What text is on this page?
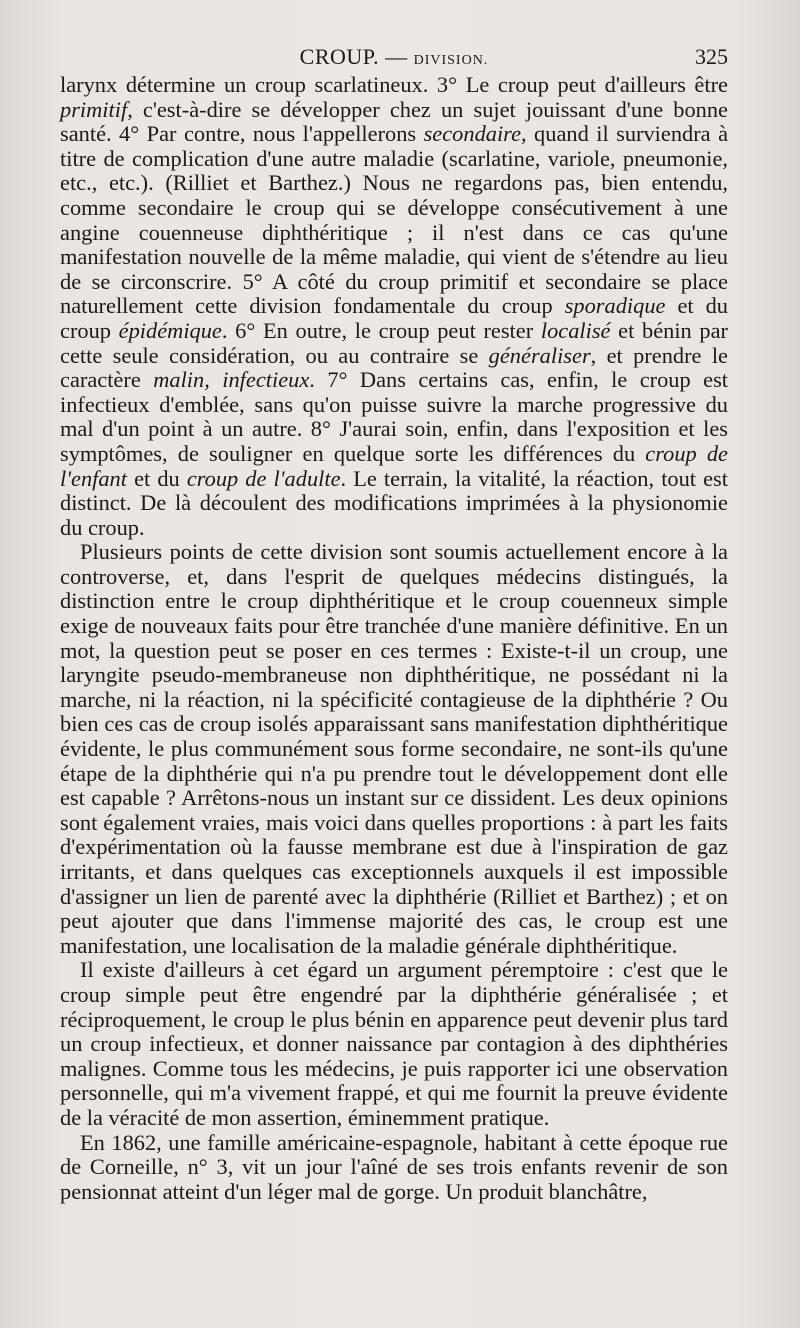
CROUP. — DIVISION.	325

larynx détermine un croup scarlatineux. 3° Le croup peut d'ailleurs être primitif, c'est-à-dire se développer chez un sujet jouissant d'une bonne santé. 4° Par contre, nous l'appellerons secondaire, quand il surviendra à titre de complication d'une autre maladie (scarlatine, variole, pneumonie, etc., etc.). (Rilliet et Barthez.) Nous ne regardons pas, bien entendu, comme secondaire le croup qui se développe consécutivement à une angine couenneuse diphthéritique ; il n'est dans ce cas qu'une manifestation nouvelle de la même maladie, qui vient de s'étendre au lieu de se circonscrire. 5° A côté du croup primitif et secondaire se place naturellement cette division fondamentale du croup sporadique et du croup épidémique. 6° En outre, le croup peut rester localisé et bénin par cette seule considération, ou au contraire se généraliser, et prendre le caractère malin, infectieux. 7° Dans certains cas, enfin, le croup est infectieux d'emblée, sans qu'on puisse suivre la marche progressive du mal d'un point à un autre. 8° J'aurai soin, enfin, dans l'exposition et les symptômes, de souligner en quelque sorte les différences du croup de l'enfant et du croup de l'adulte. Le terrain, la vitalité, la réaction, tout est distinct. De là découlent des modifications imprimées à la physionomie du croup.

Plusieurs points de cette division sont soumis actuellement encore à la controverse, et, dans l'esprit de quelques médecins distingués, la distinction entre le croup diphthéritique et le croup couenneux simple exige de nouveaux faits pour être tranchée d'une manière définitive. En un mot, la question peut se poser en ces termes : Existe-t-il un croup, une laryngite pseudo-membraneuse non diphthéritique, ne possédant ni la marche, ni la réaction, ni la spécificité contagieuse de la diphthérie ? Ou bien ces cas de croup isolés apparaissant sans manifestation diphthéritique évidente, le plus communément sous forme secondaire, ne sont-ils qu'une étape de la diphthérie qui n'a pu prendre tout le développement dont elle est capable ? Arrêtons-nous un instant sur ce dissident. Les deux opinions sont également vraies, mais voici dans quelles proportions : à part les faits d'expérimentation où la fausse membrane est due à l'inspiration de gaz irritants, et dans quelques cas exceptionnels auxquels il est impossible d'assigner un lien de parenté avec la diphthérie (Rilliet et Barthez) ; et on peut ajouter que dans l'immense majorité des cas, le croup est une manifestation, une localisation de la maladie générale diphthéritique.

Il existe d'ailleurs à cet égard un argument péremptoire : c'est que le croup simple peut être engendré par la diphthérie généralisée ; et réciproquement, le croup le plus bénin en apparence peut devenir plus tard un croup infectieux, et donner naissance par contagion à des diphthéries malignes. Comme tous les médecins, je puis rapporter ici une observation personnelle, qui m'a vivement frappé, et qui me fournit la preuve évidente de la véracité de mon assertion, éminemment pratique.

En 1862, une famille américaine-espagnole, habitant à cette époque rue de Corneille, n° 3, vit un jour l'aîné de ses trois enfants revenir de son pensionnat atteint d'un léger mal de gorge. Un produit blanchâtre,
